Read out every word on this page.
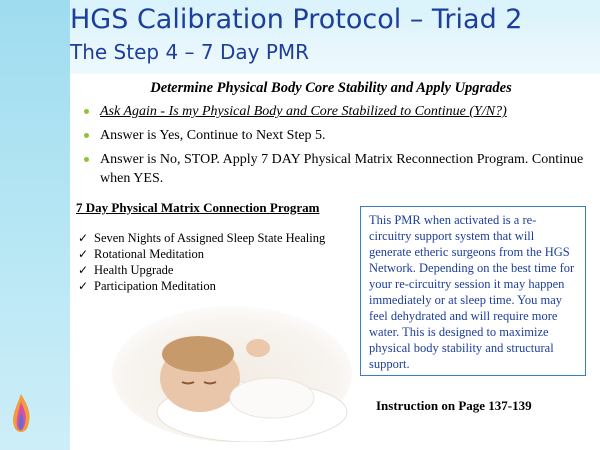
HGS Calibration Protocol – Triad 2
The Step 4 – 7 Day PMR
Determine Physical Body Core Stability and Apply Upgrades
Ask Again - Is my Physical Body and Core Stabilized to Continue (Y/N?)
Answer is Yes, Continue to Next Step 5.
Answer is No, STOP. Apply 7 DAY Physical Matrix Reconnection Program. Continue when YES.
7 Day Physical Matrix Connection Program
✓ Seven Nights of Assigned Sleep State Healing
✓ Rotational Meditation
✓ Health Upgrade
✓ Participation Meditation
This PMR when activated is a re-circuitry support system that will generate etheric surgeons from the HGS Network. Depending on the best time for your re-circuitry session it may happen immediately or at sleep time. You may feel dehydrated and will require more water. This is designed to maximize physical body stability and structural support.
Instruction on Page 137-139
